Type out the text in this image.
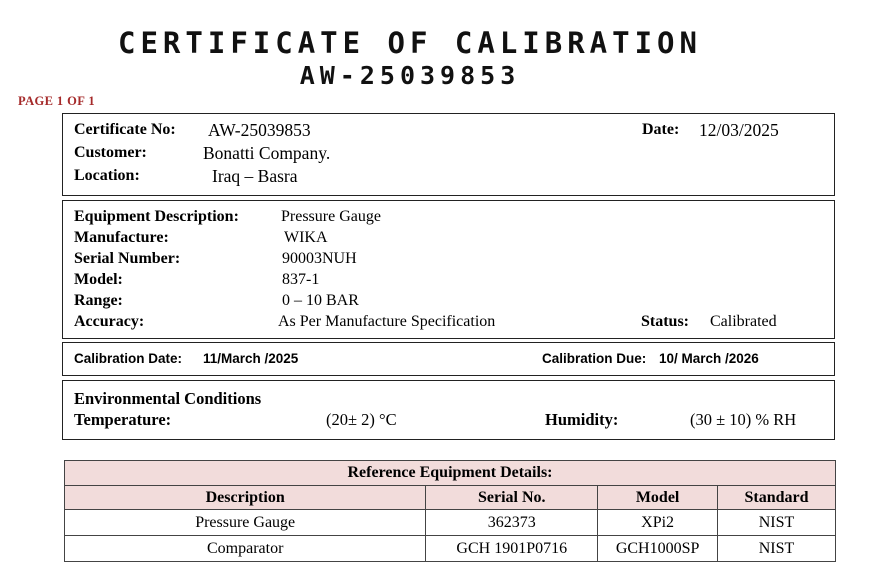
CERTIFICATE OF CALIBRATION
AW-25039853
PAGE 1 OF 1
Certificate No: AW-25039853	Date: 12/03/2025
Customer:	Bonatti Company.
Location:	Iraq – Basra
Equipment Description:	Pressure Gauge
Manufacture:	WIKA
Serial Number:	90003NUH
Model:	837-1
Range:	0 – 10 BAR
Accuracy:	As Per Manufacture Specification	Status: Calibrated
Calibration Date: 11/March /2025	Calibration Due: 10/ March /2026
Environmental Conditions
Temperature:	(20± 2) °C	Humidity:	(30 ± 10) % RH
Reference Equipment Details:			
Description	Serial No.	Model	Standard
Pressure Gauge	362373	XPi2	NIST
Comparator	GCH 1901P0716	GCH1000SP	NIST
